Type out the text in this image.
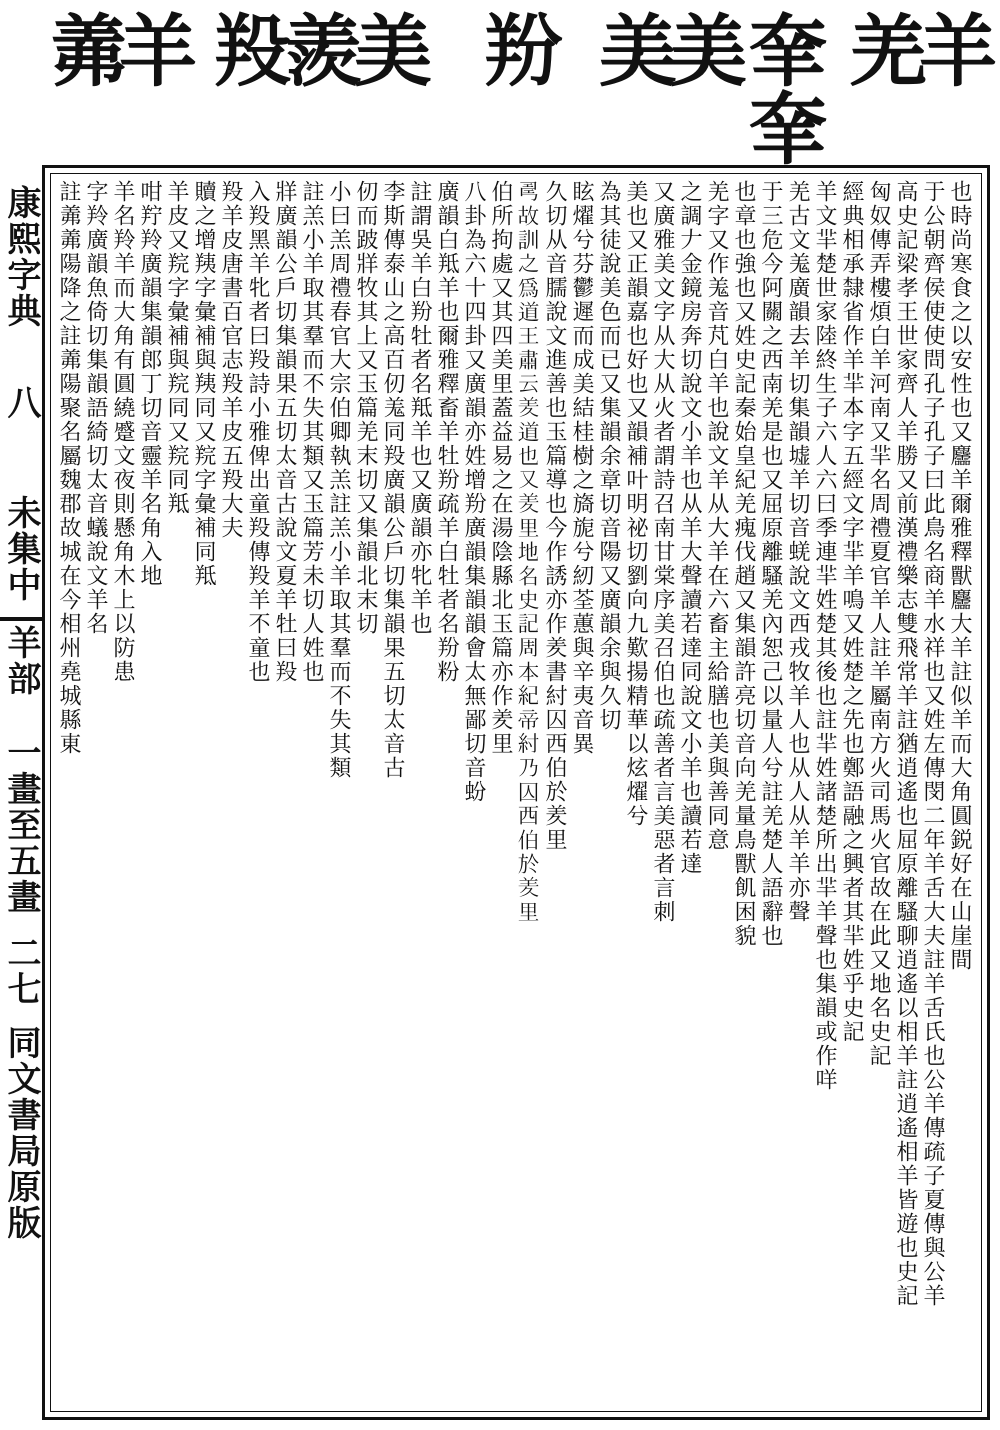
羊
羌
羍
羍
美
美
羒
美
羨
羖
羊
羛
康熙字典
八
未集中
羊部
一畫至五畫
二七
同文書局原版
也時尚寒食之以安性也又麢羊爾雅釋獸麢大羊註似羊而大角圓鋭好在山崖間
于公朝齊侯使使問孔子孔子曰此鳥名商羊水祥也又姓左傳閔二年羊舌大夫註羊舌氏也公羊傳疏子夏傳與公羊
高史記梁孝王世家齊人羊勝又前漢禮樂志雙飛常羊註猶逍遙也屈原離騷聊逍遙以相羊註逍遙相羊皆遊也史記
匈奴傳弄樓煩白羊河南又羋名周禮夏官羊人註羊屬南方火司馬火官故在此又地名史記
經典相承隸省作羊羋本字五經文字羋羊鳴又姓楚之先也鄭語融之興者其羋姓乎史記
羊文羋楚世家陸終生子六人六曰季連羋姓楚其後也註羋姓諸楚所出羋羊聲也集韻或作咩
羌古文羗廣韻去羊切集韻墟羊切音蜣說文西戎牧羊人也从人从羊羊亦聲
于三危今阿關之西南羌是也又屈原離騷羌內恕己以量人兮註羌楚人語辭也
也章也強也又姓史記秦始皇紀羌瘣伐趙又集韻許亮切音向羌量鳥獸飢困貌
羌字又作羗音芃白羊也說文羊从大羊在六畜主給膳也美與善同意
之調𠂇金鏡房奔切說文小羊也从羊大聲讀若達同說文小羊也讀若達
又廣雅美文字从大从火者謂詩召南甘棠序美召伯也疏善者言美惡者言刺
美也又正韻嘉也好也又韻補叶明祕切劉向九歎揚精華以炫燿兮
為其徒說美色而已又集韻余章切音陽又廣韻余與久切
眩燿兮芬鬱遲而成美結桂樹之旖旎兮紉荃蕙與辛夷音異
久切从音臑說文進善也玉篇導也今作誘亦作羑書紂囚西伯於羑里
𢏚故訓之爲道王肅云羑道也又羑里地名史記周本紀帝紂乃囚西伯於羑里
伯所拘處又其四美里蓋益易之在湯陰縣北玉篇亦作羑里
八卦為六十四卦又廣韻亦姓增羒廣韻集韻韻會太無鄙切音蚡
廣韻白羝羊也爾雅釋畜羊牡羒疏羊白牡者名羒粉
註謂吳羊白羒牡者名羝羊也又廣韻亦牝羊也
李斯傳泰山之高百仞羗同羖廣韻公戶切集韻果五切太音古
仞而跛牂牧其上又玉篇羌末切又集韻北末切
小曰羔周禮春官大宗伯卿執羔註羔小羊取其羣而不失其類
註羔小羊取其羣而不失其類又玉篇芳未切人姓也
牂廣韻公戶切集韻果五切太音古說文夏羊牡曰羖
入羖黑羊牝者曰羖詩小雅俾出童羖傳羖羊不童也
羖羊皮唐書百官志羖羊皮五羖大夫
贖之增羠字彙補與羠同又羦字彙補同羝
羊皮又羦字彙補與羦同又羦同羝
咁羜羚廣韻集韻郎丁切音靈羊名角入地
羊名羚羊而大角有圓繞蹙文夜則懸角木上以防患
字羚廣韻魚倚切集韻語綺切太音蟻說文羊名
註羛羛陽降之註羛陽聚名屬魏郡故城在今相州堯城縣東
